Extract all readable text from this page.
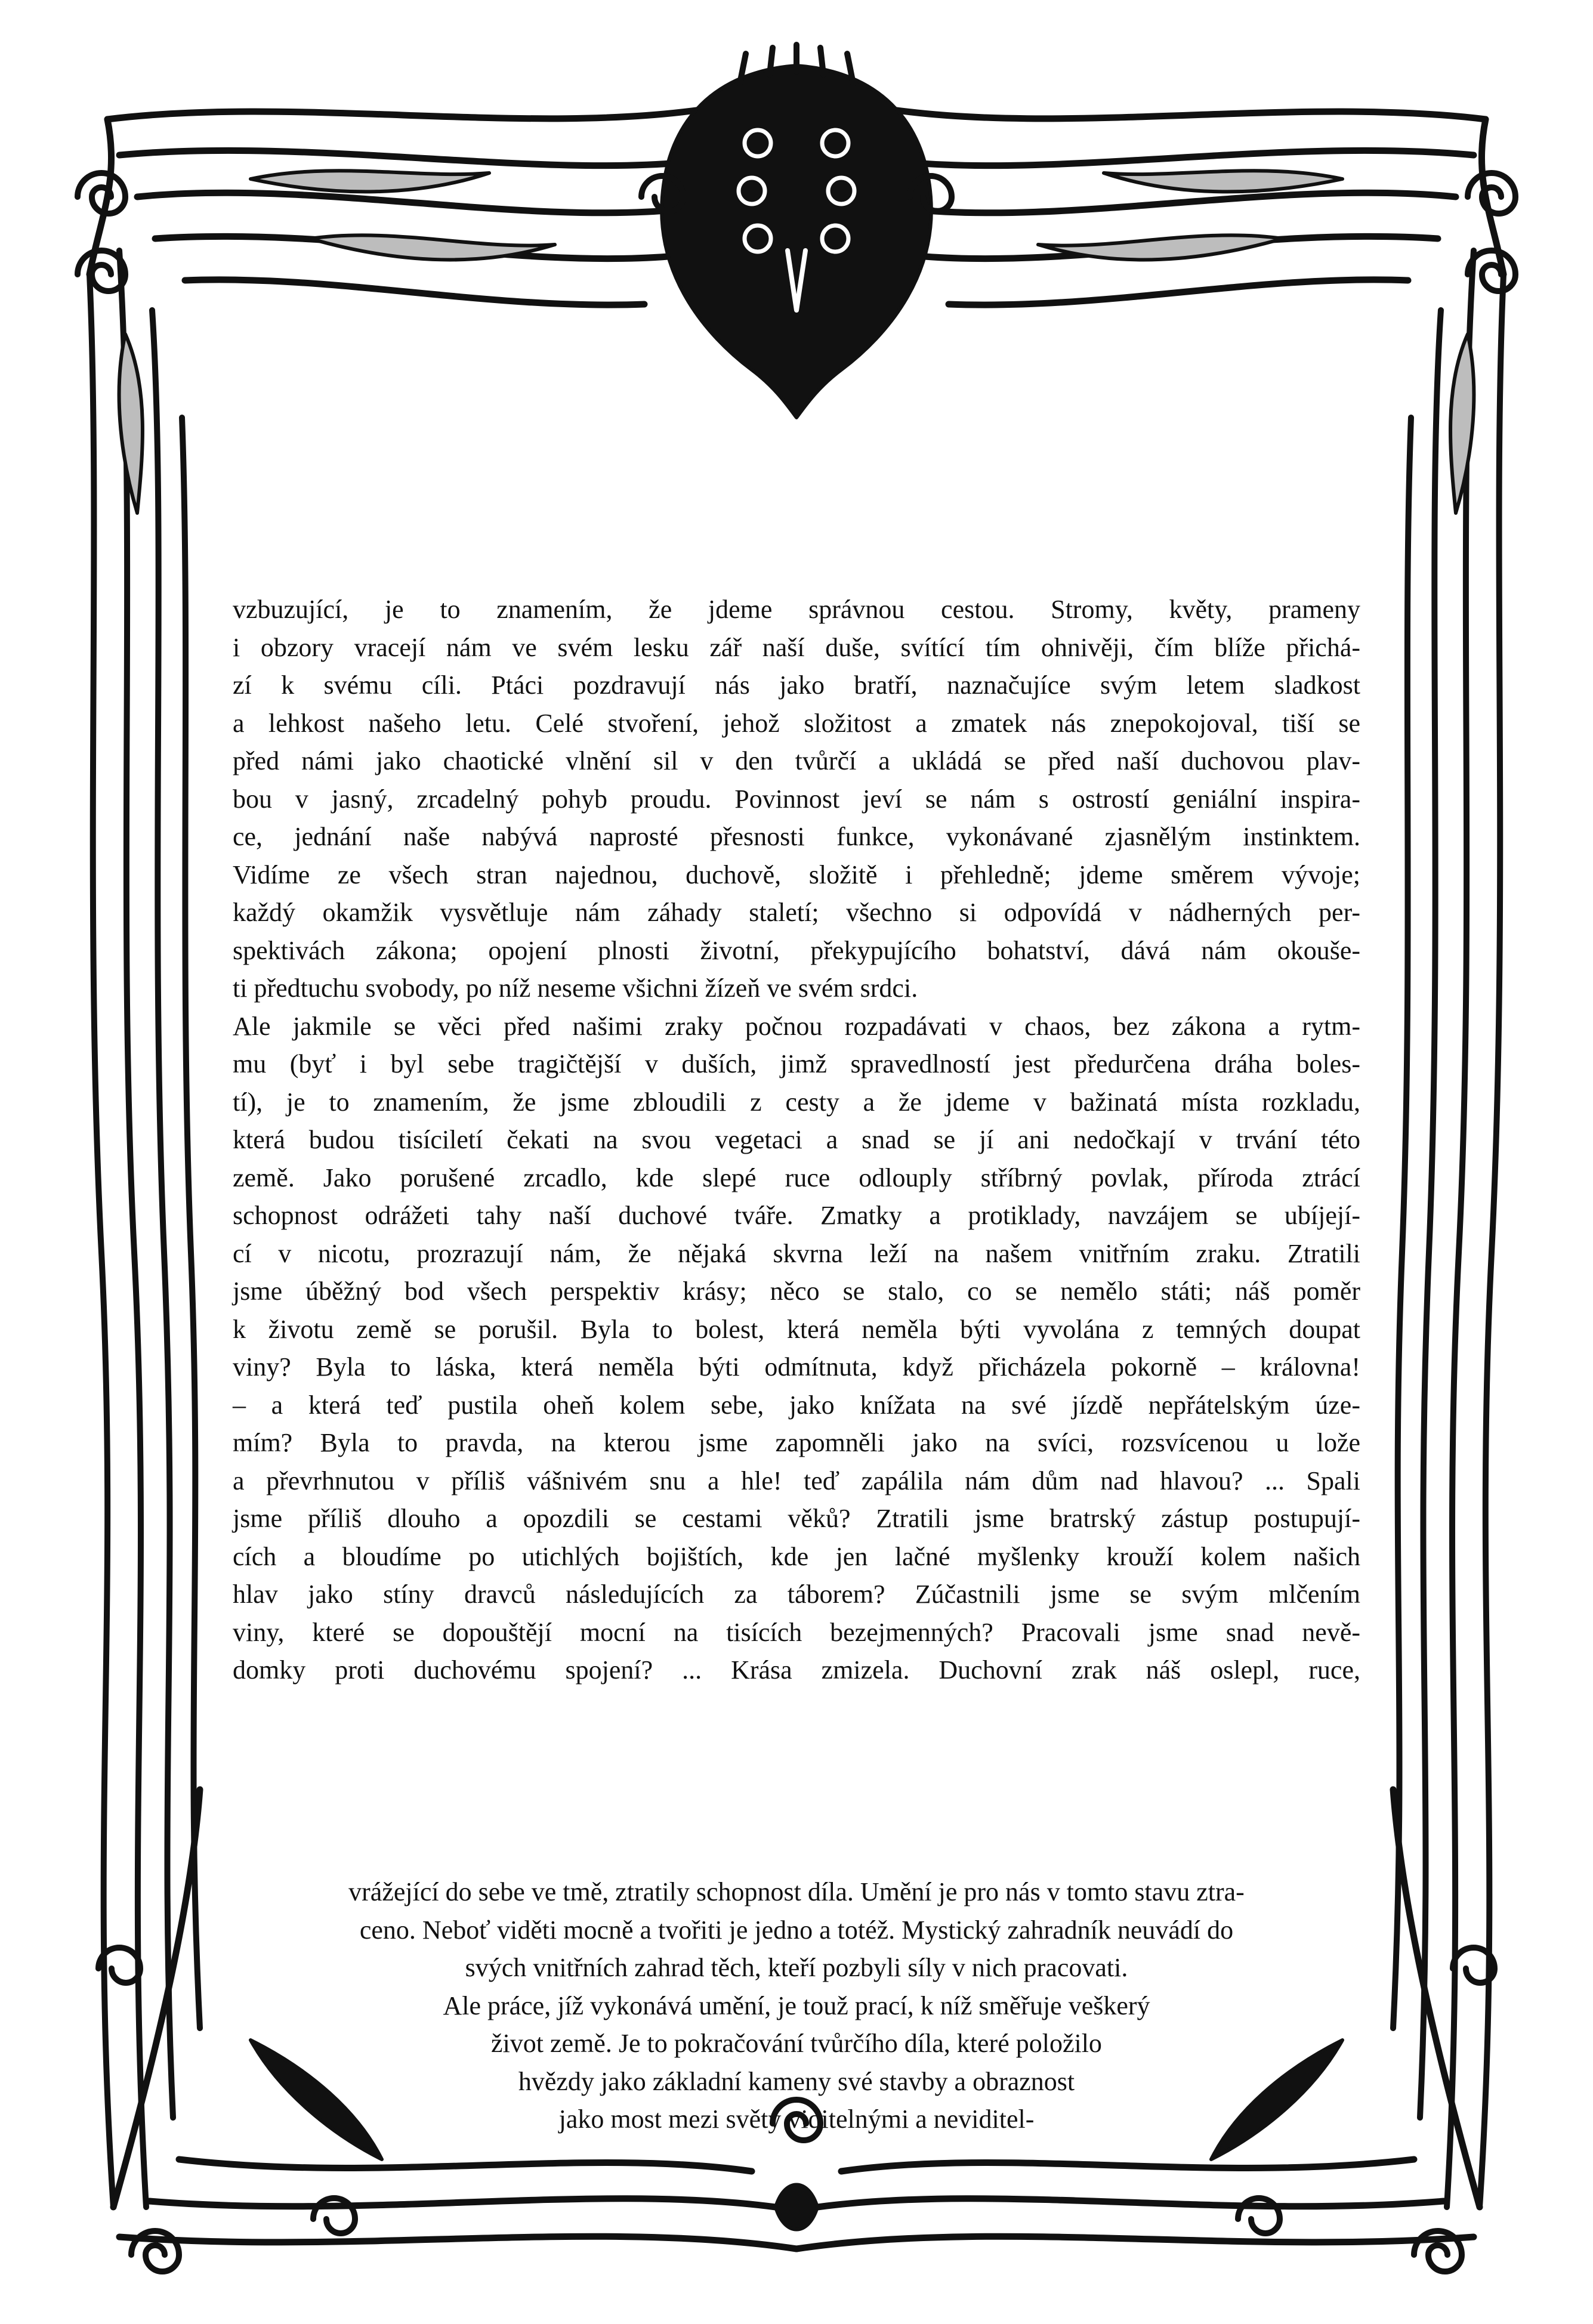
vzbuzující, je to znamením, že jdeme správnou cestou. Stromy, květy, prameny
i obzory vracejí nám ve svém lesku zář naší duše, svítící tím ohnivěji, čím blíže přichá-
zí k svému cíli. Ptáci pozdravují nás jako bratří, naznačujíce svým letem sladkost
a lehkost našeho letu. Celé stvoření, jehož složitost a zmatek nás znepokojoval, tiší se
před námi jako chaotické vlnění sil v den tvůrčí a ukládá se před naší duchovou plav-
bou v jasný, zrcadelný pohyb proudu. Povinnost jeví se nám s ostrostí geniální inspira-
ce, jednání naše nabývá naprosté přesnosti funkce, vykonávané zjasnělým instinktem.
Vidíme ze všech stran najednou, duchově, složitě i přehledně; jdeme směrem vývoje;
každý okamžik vysvětluje nám záhady staletí; všechno si odpovídá v nádherných per-
spektivách zákona; opojení plnosti životní, překypujícího bohatství, dává nám okouše-
ti předtuchu svobody, po níž neseme všichni žízeň ve svém srdci.
Ale jakmile se věci před našimi zraky počnou rozpadávati v chaos, bez zákona a rytm-
mu (byť i byl sebe tragičtější v duších, jimž spravedlností jest předurčena dráha boles-
tí), je to znamením, že jsme zbloudili z cesty a že jdeme v bažinatá místa rozkladu,
která budou tisíciletí čekati na svou vegetaci a snad se jí ani nedočkají v trvání této
země. Jako porušené zrcadlo, kde slepé ruce odlouply stříbrný povlak, příroda ztrácí
schopnost odrážeti tahy naší duchové tváře. Zmatky a protiklady, navzájem se ubíjejí-
cí v nicotu, prozrazují nám, že nějaká skvrna leží na našem vnitřním zraku. Ztratili
jsme úběžný bod všech perspektiv krásy; něco se stalo, co se nemělo státi; náš poměr
k životu země se porušil. Byla to bolest, která neměla býti vyvolána z temných doupat
viny? Byla to láska, která neměla býti odmítnuta, když přicházela pokorně – královna!
– a která teď pustila oheň kolem sebe, jako knížata na své jízdě nepřátelským úze-
mím? Byla to pravda, na kterou jsme zapomněli jako na svíci, rozsvícenou u lože
a převrhnutou v příliš vášnivém snu a hle! teď zapálila nám dům nad hlavou? ... Spali
jsme příliš dlouho a opozdili se cestami věků? Ztratili jsme bratrský zástup postupují-
cích a bloudíme po utichlých bojištích, kde jen lačné myšlenky krouží kolem našich
hlav jako stíny dravců následujících za táborem? Zúčastnili jsme se svým mlčením
viny, které se dopouštějí mocní na tisících bezejmenných? Pracovali jsme snad nevě-
domky proti duchovému spojení? ... Krása zmizela. Duchovní zrak náš oslepl, ruce,
vrážející do sebe ve tmě, ztratily schopnost díla. Umění je pro nás v tomto stavu ztra-
ceno. Neboť viděti mocně a tvořiti je jedno a totéž. Mystický zahradník neuvádí do
svých vnitřních zahrad těch, kteří pozbyli síly v nich pracovati.
Ale práce, jíž vykonává umění, je touž prací, k níž směřuje veškerý
život země. Je to pokračování tvůrčího díla, které položilo
hvězdy jako základní kameny své stavby a obraznost
jako most mezi světy viditelnými a neviditel-
